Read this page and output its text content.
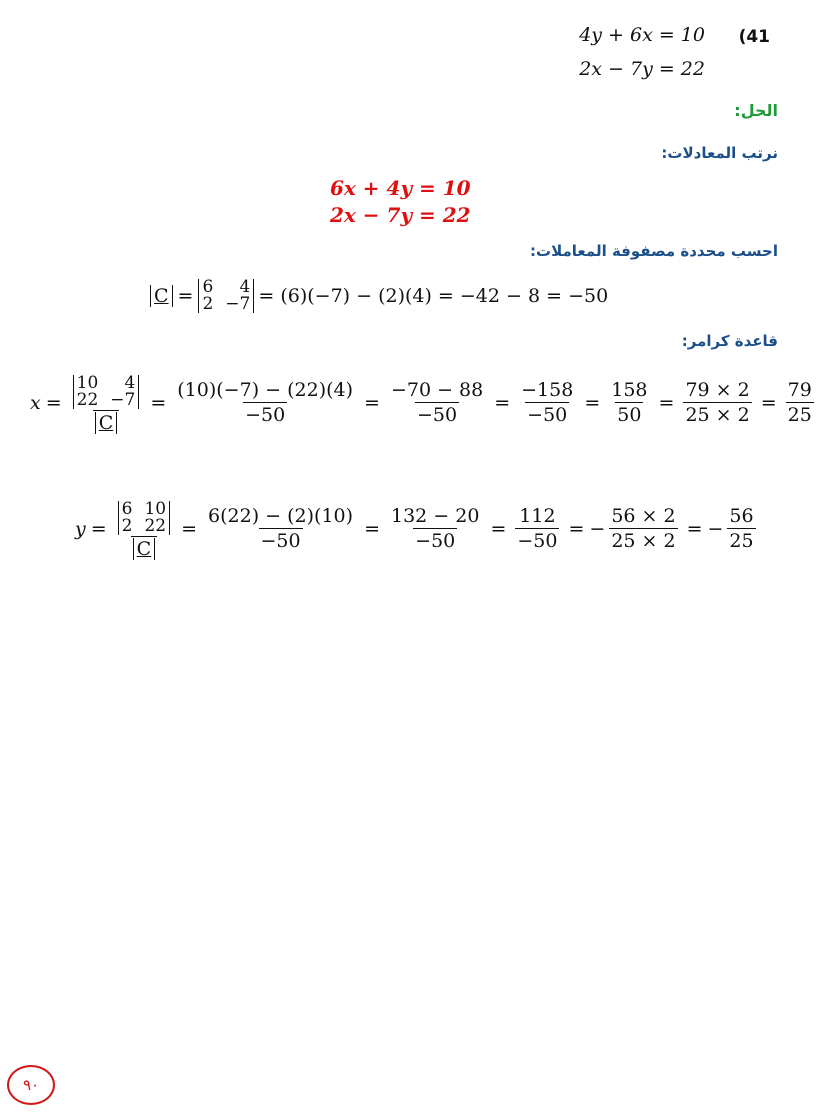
4y + 6x = 10 (41
2x − 7y = 22
الحل:
نرتب المعادلات:
6x + 4y = 10
2x − 7y = 22
احسب محددة مصفوفة المعاملات:
C = 6	4
2 −7 = (6)(−7) − (2)(4) = −42 − 8 = −50
قاعدة كرامر:
x = 10	4
22 −7
$C = \frac{(10)(-7) - (22)(4)}{-50} = \frac{-70 - 88}{-50} = \frac{-158}{-50} = \frac{158}{50} = \frac{79 \times 2}{25 \times 2} = \frac{79}{25}$
y = 6 10
2 22
$C = \frac{6(22) - (2)(10)}{-50} = \frac{132 - 20}{-50} = \frac{112}{-50}$ = − $\frac{56 \times 2}{25 \times 2}$ = − $\frac{56}{25}$
٩٠
